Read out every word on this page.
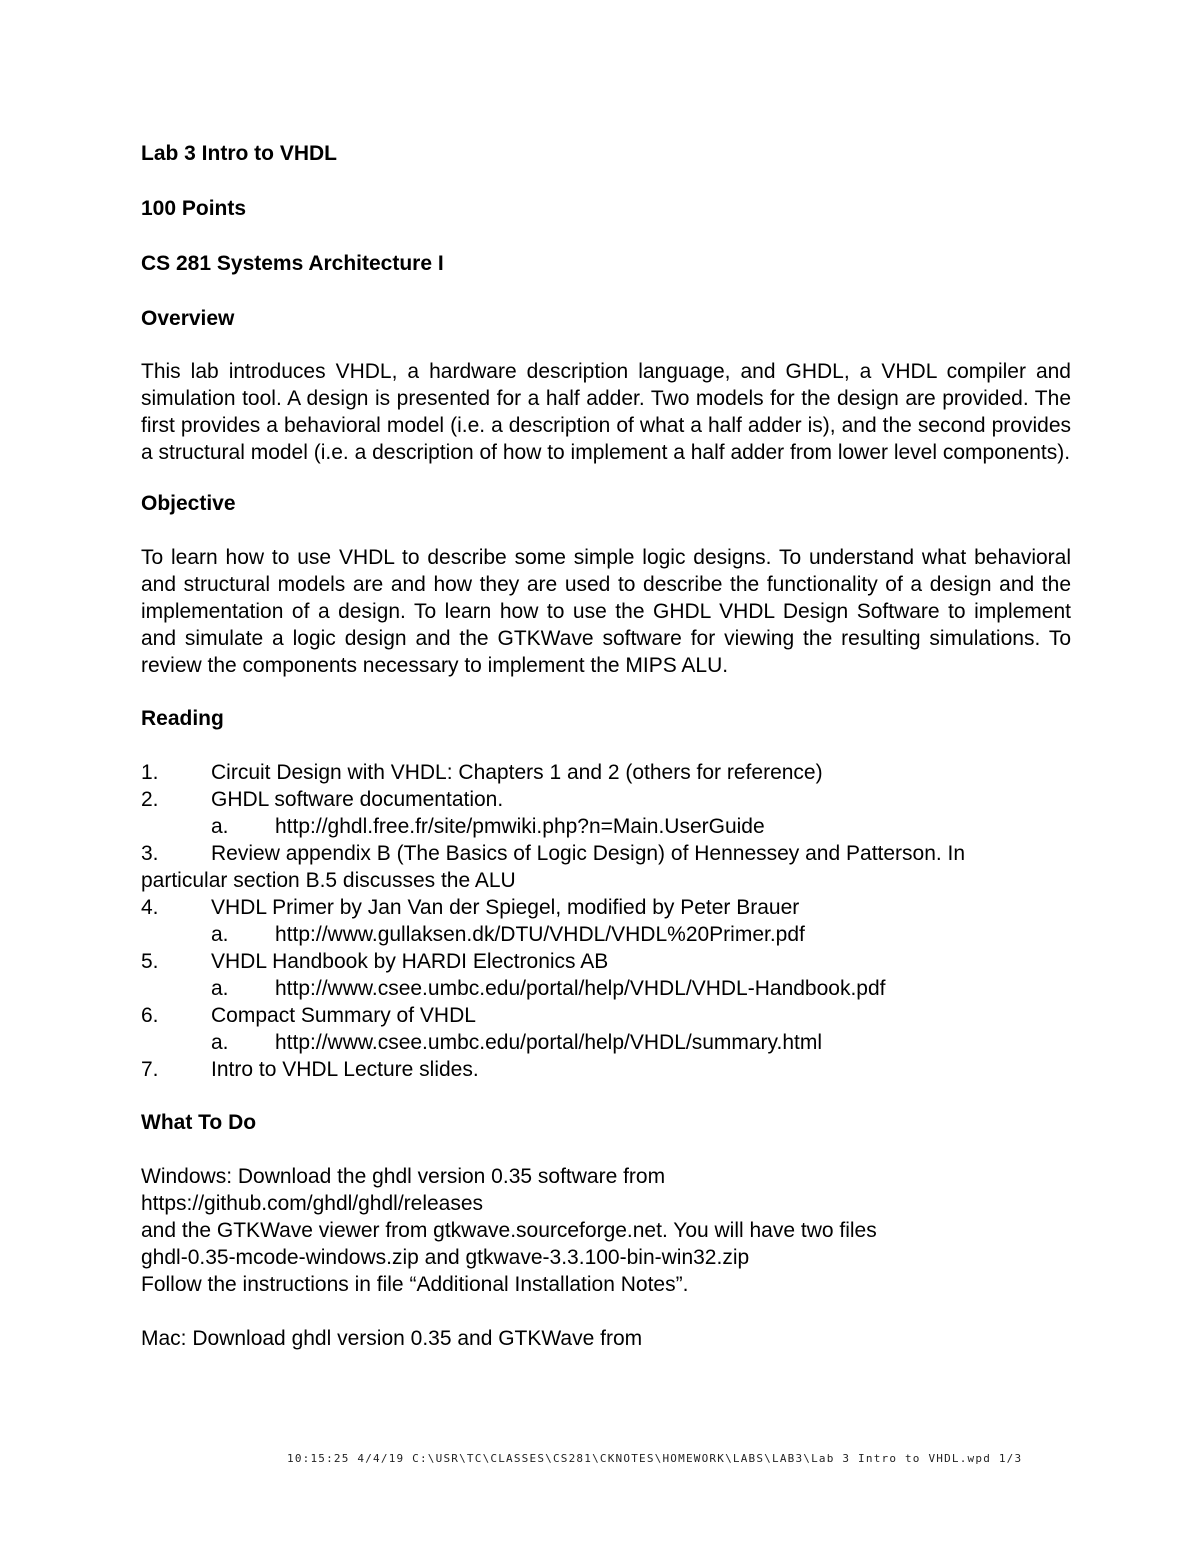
Lab 3 Intro to VHDL

100 Points

CS 281 Systems Architecture I

Overview

This lab introduces VHDL, a hardware description language, and GHDL, a VHDL compiler and simulation tool. A design is presented for a half adder. Two models for the design are provided. The first provides a behavioral model (i.e. a description of what a half adder is), and the second provides a structural model (i.e. a description of how to implement a half adder from lower level components).

Objective

To learn how to use VHDL to describe some simple logic designs. To understand what behavioral and structural models are and how they are used to describe the functionality of a design and the implementation of a design. To learn how to use the GHDL VHDL Design Software to implement and simulate a logic design and the GTKWave software for viewing the resulting simulations. To review the components necessary to implement the MIPS ALU.

Reading

1. Circuit Design with VHDL: Chapters 1 and 2 (others for reference)
2. GHDL software documentation.
a. http://ghdl.free.fr/site/pmwiki.php?n=Main.UserGuide
3. Review appendix B (The Basics of Logic Design) of Hennessey and Patterson. In
particular section B.5 discusses the ALU
4. VHDL Primer by Jan Van der Spiegel, modified by Peter Brauer
a. http://www.gullaksen.dk/DTU/VHDL/VHDL%20Primer.pdf
5. VHDL Handbook by HARDI Electronics AB
a. http://www.csee.umbc.edu/portal/help/VHDL/VHDL-Handbook.pdf
6. Compact Summary of VHDL
a. http://www.csee.umbc.edu/portal/help/VHDL/summary.html
7. Intro to VHDL Lecture slides.

What To Do

Windows: Download the ghdl version 0.35 software from
https://github.com/ghdl/ghdl/releases
and the GTKWave viewer from gtkwave.sourceforge.net. You will have two files
ghdl-0.35-mcode-windows.zip and gtkwave-3.3.100-bin-win32.zip
Follow the instructions in file “Additional Installation Notes”.

Mac: Download ghdl version 0.35 and GTKWave from

10:15:25 4/4/19 C:\USR\TC\CLASSES\CS281\CKNOTES\HOMEWORK\LABS\LAB3\Lab 3 Intro to VHDL.wpd 1/3
